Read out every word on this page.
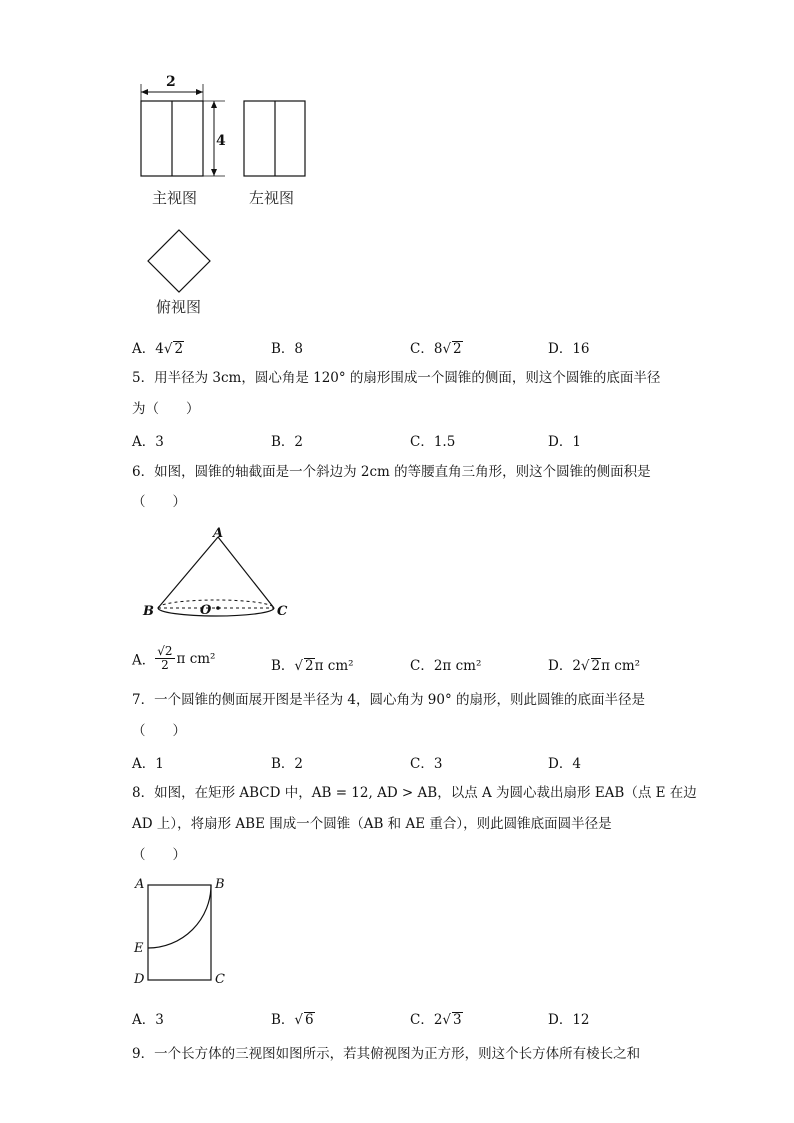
2
4
主视图	左视图
俯视图
A．4√ 2	B．8	C．8√ 2	D．16
5．用半径为 3cm，圆心角是 120° 的扇形围成一个圆锥的侧面，则这个圆锥的底面半径
为（　　）
A．3	B．2	C．1.5	D．1
6．如图，圆锥的轴截面是一个斜边为 2cm 的等腰直角三角形，则这个圆锥的侧面积是
（　　）
A
B	O	C
A． $\frac{√2}{2}$ π cm²	B．√ 2π cm²	C．2π cm²	D．2√ 2π cm²
7．一个圆锥的侧面展开图是半径为 4，圆心角为 90° 的扇形，则此圆锥的底面半径是
（　　）
A．1	B．2	C．3	D．4
8．如图，在矩形 ABCD 中，AB = 12, AD > AB，以点 A 为圆心裁出扇形 EAB（点 E 在边
AD 上），将扇形 ABE 围成一个圆锥（AB 和 AE 重合），则此圆锥底面圆半径是
（　　）
A	B
E
D	C
A．3	B．√ 6	C．2√ 3	D．12
9．一个长方体的三视图如图所示，若其俯视图为正方形，则这个长方体所有棱长之和
